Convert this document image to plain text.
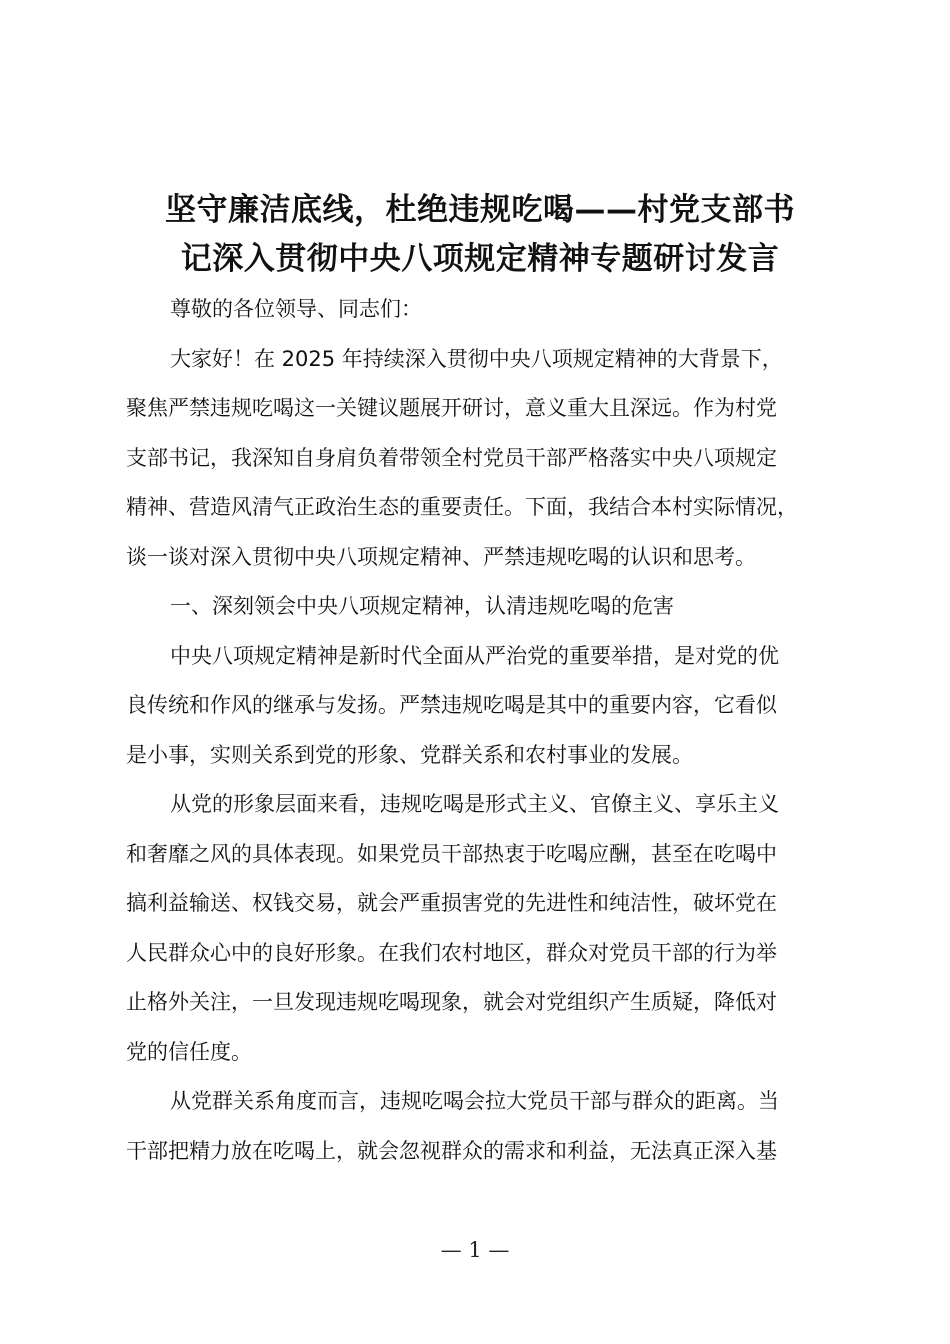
坚守廉洁底线，杜绝违规吃喝——村党支部书
记深入贯彻中央八项规定精神专题研讨发言
尊敬的各位领导、同志们：
大家好！在 2025 年持续深入贯彻中央八项规定精神的大背景下，
聚焦严禁违规吃喝这一关键议题展开研讨，意义重大且深远。作为村党
支部书记，我深知自身肩负着带领全村党员干部严格落实中央八项规定
精神、营造风清气正政治生态的重要责任。下面，我结合本村实际情况，
谈一谈对深入贯彻中央八项规定精神、严禁违规吃喝的认识和思考。
一、深刻领会中央八项规定精神，认清违规吃喝的危害
中央八项规定精神是新时代全面从严治党的重要举措，是对党的优
良传统和作风的继承与发扬。严禁违规吃喝是其中的重要内容，它看似
是小事，实则关系到党的形象、党群关系和农村事业的发展。
从党的形象层面来看，违规吃喝是形式主义、官僚主义、享乐主义
和奢靡之风的具体表现。如果党员干部热衷于吃喝应酬，甚至在吃喝中
搞利益输送、权钱交易，就会严重损害党的先进性和纯洁性，破坏党在
人民群众心中的良好形象。在我们农村地区，群众对党员干部的行为举
止格外关注，一旦发现违规吃喝现象，就会对党组织产生质疑，降低对
党的信任度。
从党群关系角度而言，违规吃喝会拉大党员干部与群众的距离。当
干部把精力放在吃喝上，就会忽视群众的需求和利益，无法真正深入基
— 1 —
